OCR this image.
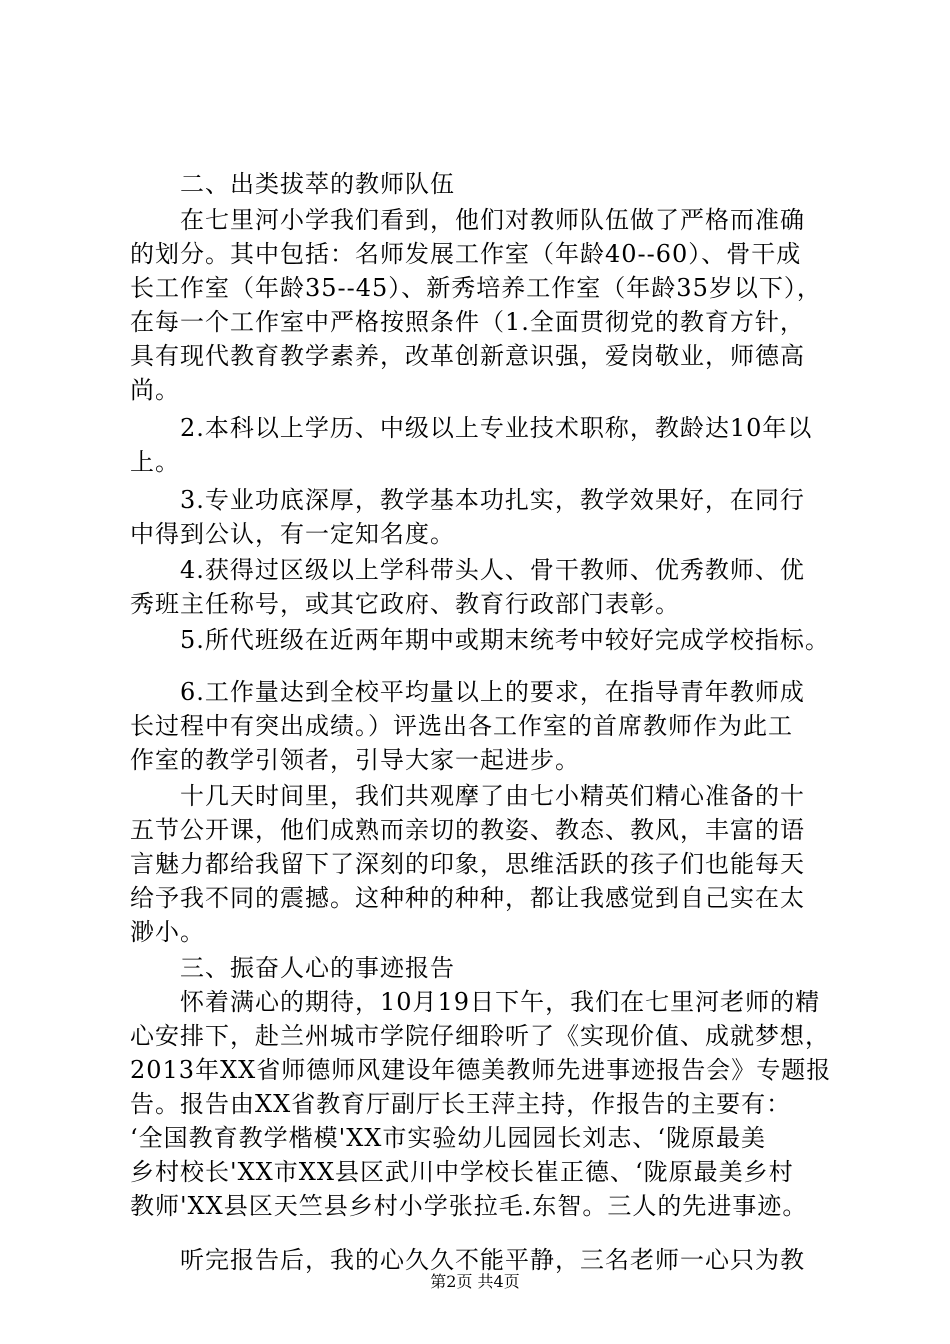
　　二、出类拔萃的教师队伍
　　在七里河小学我们看到，他们对教师队伍做了严格而准确
的划分。其中包括：名师发展工作室（年龄40--60）、骨干成
长工作室（年龄35--45）、新秀培养工作室（年龄35岁以下），
在每一个工作室中严格按照条件（1.全面贯彻党的教育方针，
具有现代教育教学素养，改革创新意识强，爱岗敬业，师德高
尚。
　　2.本科以上学历、中级以上专业技术职称，教龄达10年以
上。
　　3.专业功底深厚，教学基本功扎实，教学效果好，在同行
中得到公认，有一定知名度。
　　4.获得过区级以上学科带头人、骨干教师、优秀教师、优
秀班主任称号，或其它政府、教育行政部门表彰。
　　5.所代班级在近两年期中或期末统考中较好完成学校指标。
　　6.工作量达到全校平均量以上的要求，在指导青年教师成
长过程中有突出成绩。）评选出各工作室的首席教师作为此工
作室的教学引领者，引导大家一起进步。
　　十几天时间里，我们共观摩了由七小精英们精心准备的十
五节公开课，他们成熟而亲切的教姿、教态、教风，丰富的语
言魅力都给我留下了深刻的印象，思维活跃的孩子们也能每天
给予我不同的震撼。这种种的种种，都让我感觉到自己实在太
渺小。
　　三、振奋人心的事迹报告
　　怀着满心的期待，10月19日下午，我们在七里河老师的精
心安排下，赴兰州城市学院仔细聆听了《实现价值、成就梦想，
2013年XX省师德师风建设年德美教师先进事迹报告会》专题报
告。报告由XX省教育厅副厅长王萍主持，作报告的主要有：
‘全国教育教学楷模'XX市实验幼儿园园长刘志、‘陇原最美
乡村校长'XX市XX县区武川中学校长崔正德、‘陇原最美乡村
教师'XX县区天竺县乡村小学张拉毛.东智。三人的先进事迹。
　　听完报告后，我的心久久不能平静，三名老师一心只为教
第2页 共4页
